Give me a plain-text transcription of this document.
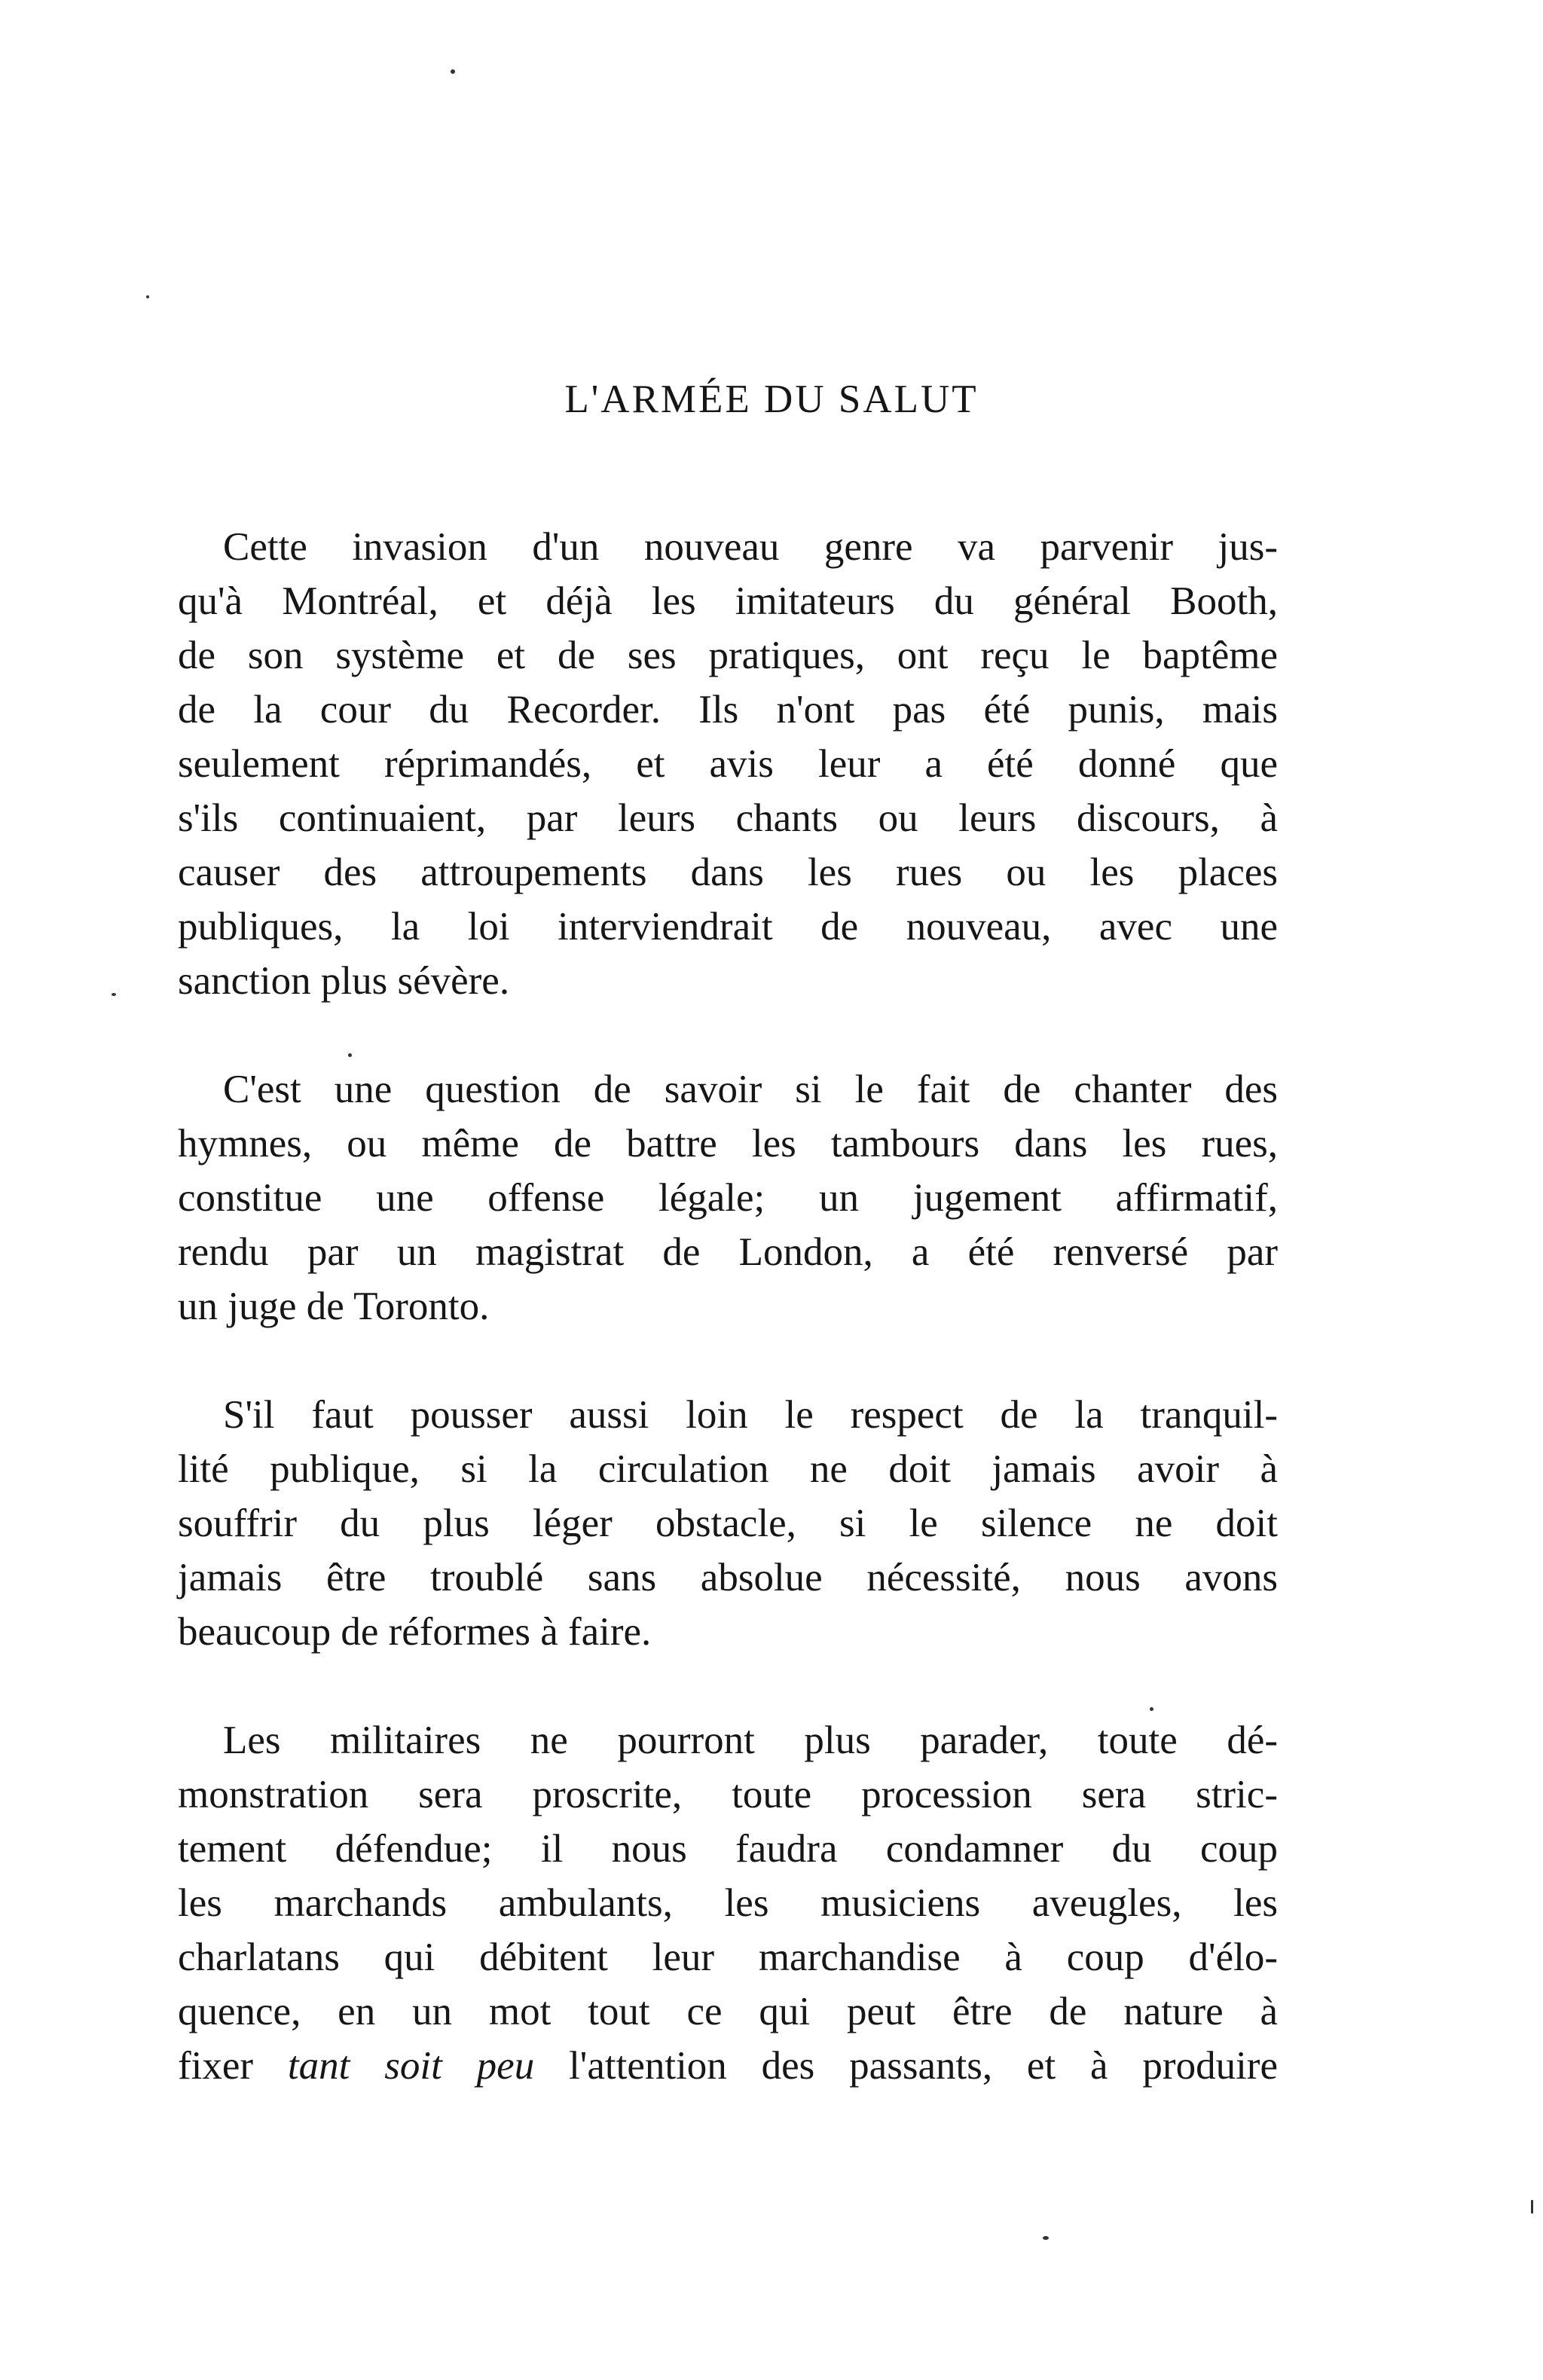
L'ARMÉE DU SALUT
Cette invasion d'un nouveau genre va parvenir jus-
qu'à Montréal, et déjà les imitateurs du général Booth,
de son système et de ses pratiques, ont reçu le baptême
de la cour du Recorder. Ils n'ont pas été punis, mais
seulement réprimandés, et avis leur a été donné que
s'ils continuaient, par leurs chants ou leurs discours, à
causer des attroupements dans les rues ou les places
publiques, la loi interviendrait de nouveau, avec une
sanction plus sévère.
C'est une question de savoir si le fait de chanter des
hymnes, ou même de battre les tambours dans les rues,
constitue une offense légale; un jugement affirmatif,
rendu par un magistrat de London, a été renversé par
un juge de Toronto.
S'il faut pousser aussi loin le respect de la tranquil-
lité publique, si la circulation ne doit jamais avoir à
souffrir du plus léger obstacle, si le silence ne doit
jamais être troublé sans absolue nécessité, nous avons
beaucoup de réformes à faire.
Les militaires ne pourront plus parader, toute dé-
monstration sera proscrite, toute procession sera stric-
tement défendue; il nous faudra condamner du coup
les marchands ambulants, les musiciens aveugles, les
charlatans qui débitent leur marchandise à coup d'élo-
quence, en un mot tout ce qui peut être de nature à
fixer tant soit peu l'attention des passants, et à produire
